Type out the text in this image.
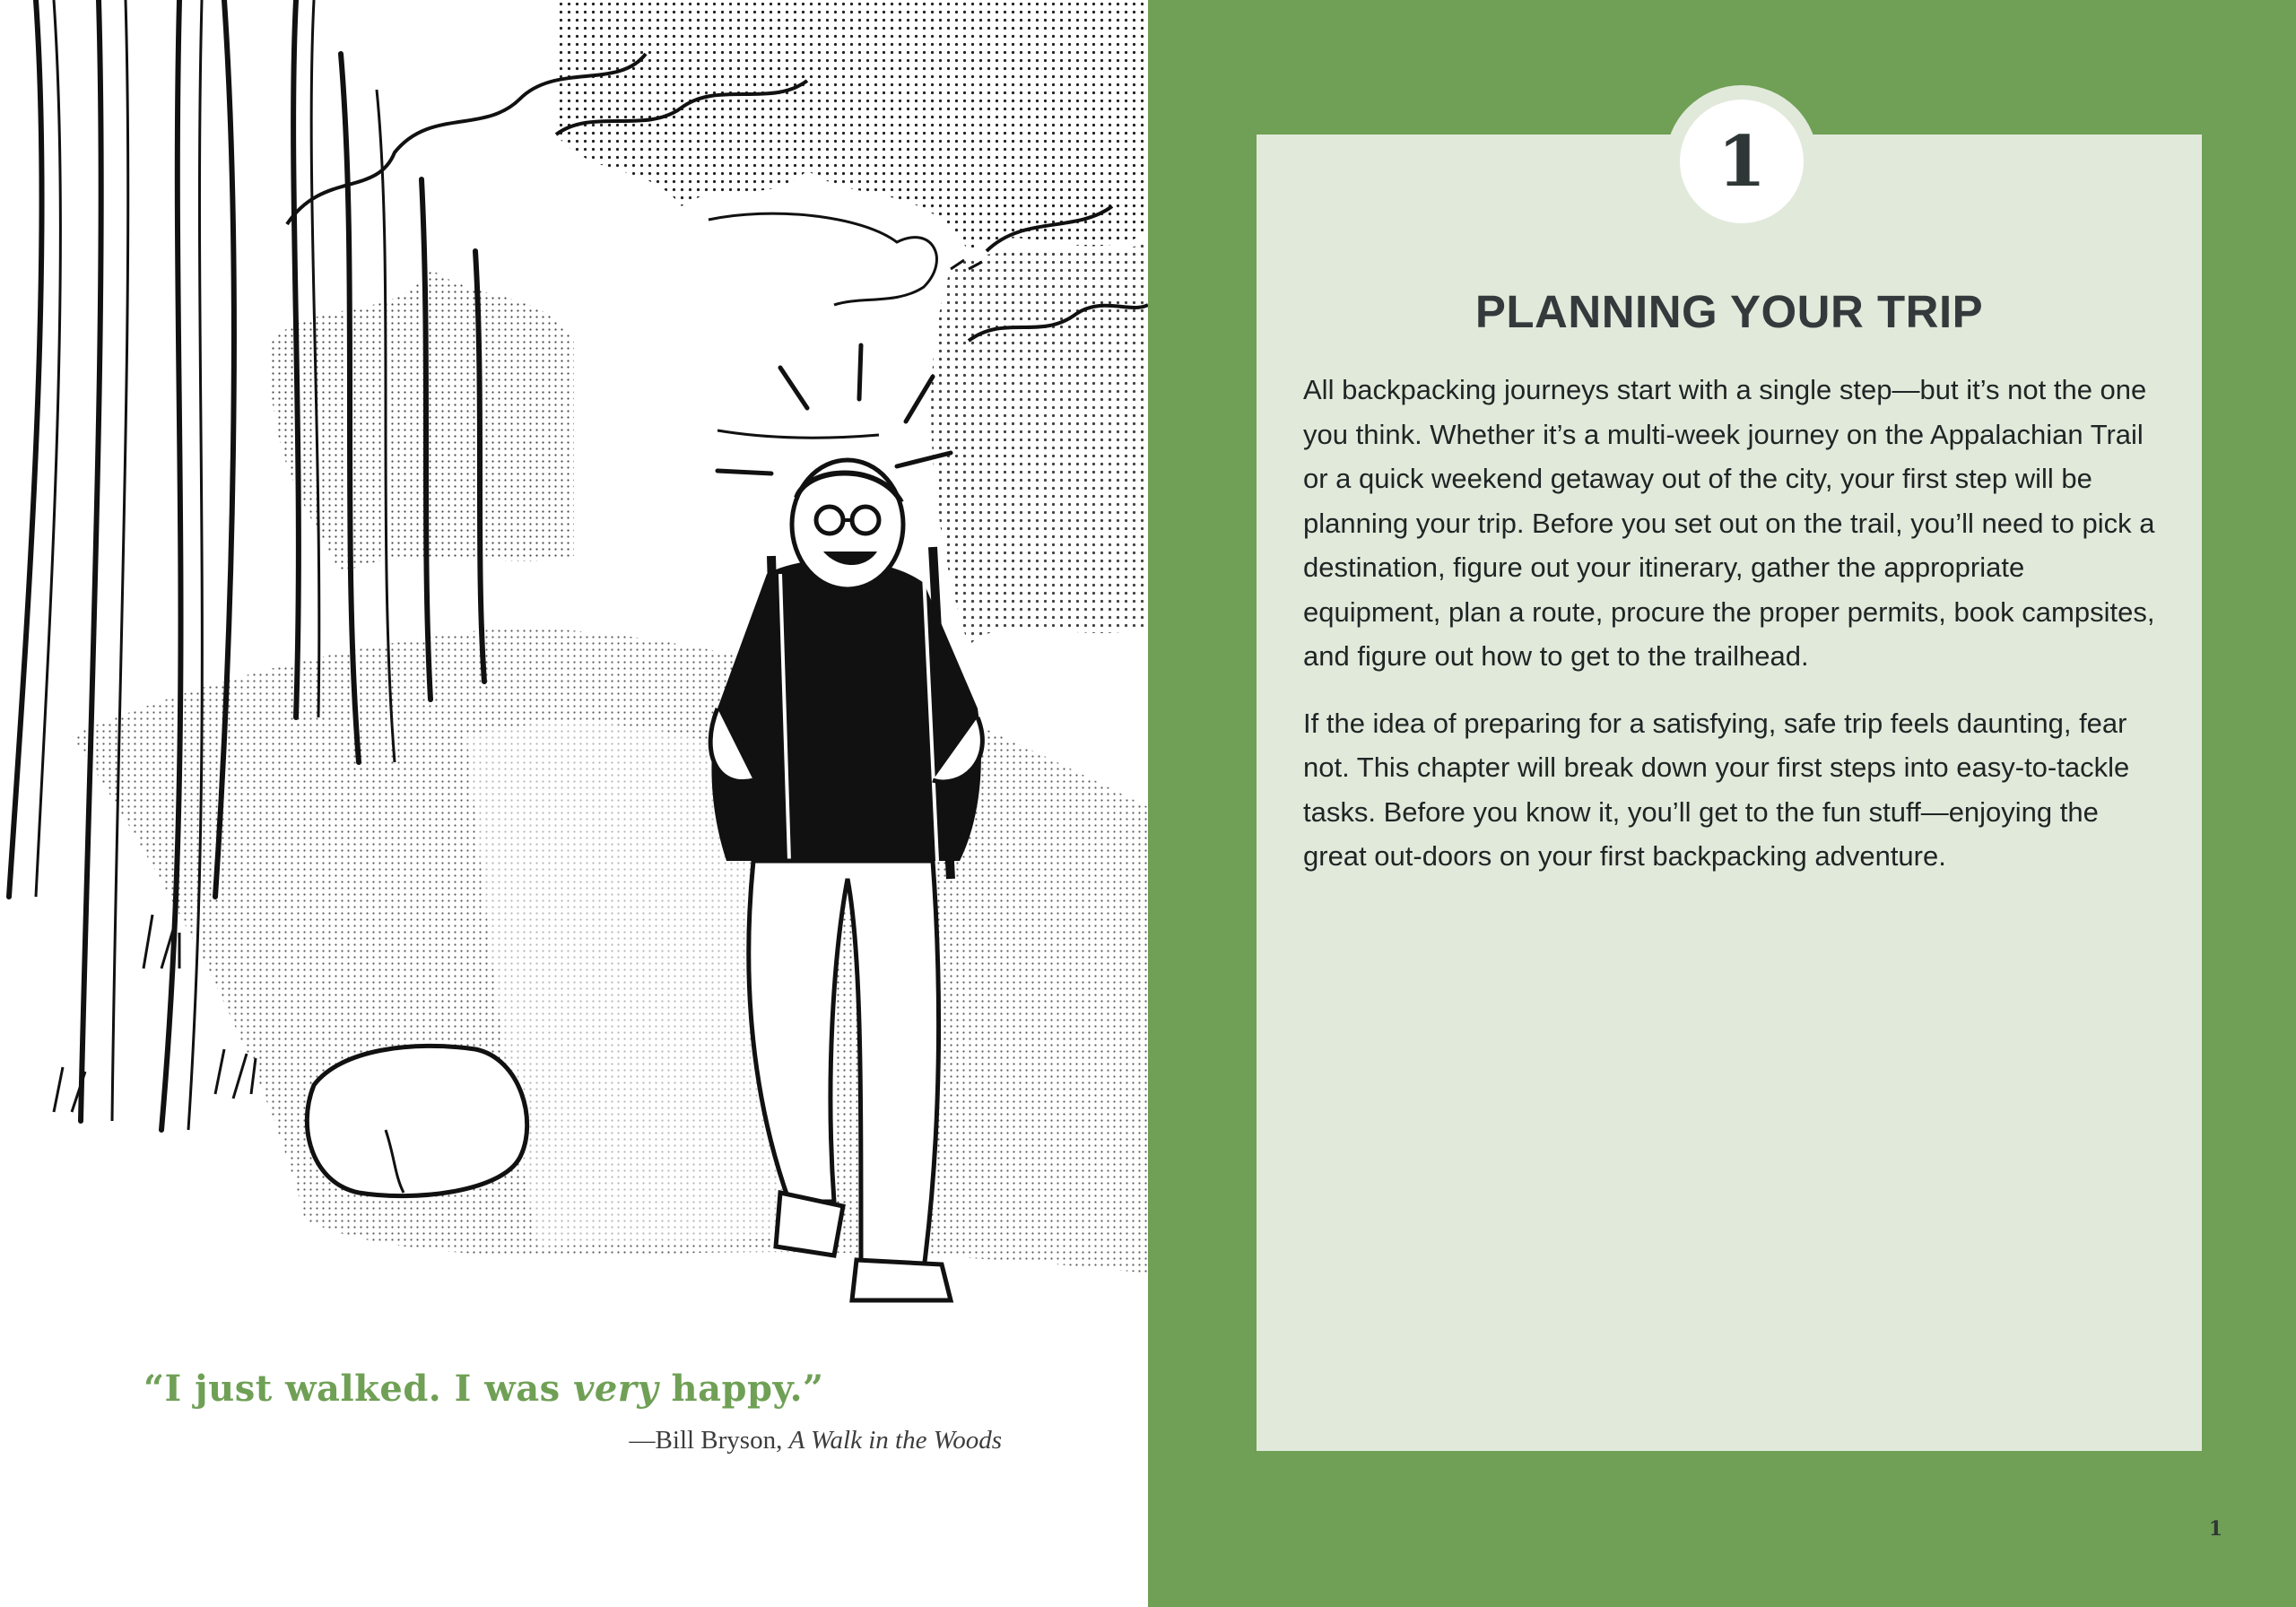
“I just walked. I was very happy.”
—Bill Bryson, A Walk in the Woods
1
PLANNING YOUR TRIP

All backpacking journeys start with a single step—but it’s not the one you think. Whether it’s a multi-week journey on the Appalachian Trail or a quick weekend getaway out of the city, your first step will be planning your trip. Before you set out on the trail, you’ll need to pick a destination, figure out your itinerary, gather the appropriate equipment, plan a route, procure the proper permits, book campsites, and figure out how to get to the trailhead.

If the idea of preparing for a satisfying, safe trip feels daunting, fear not. This chapter will break down your first steps into easy-to-tackle tasks. Before you know it, you’ll get to the fun stuff—enjoying the great out-doors on your first backpacking adventure.

1
